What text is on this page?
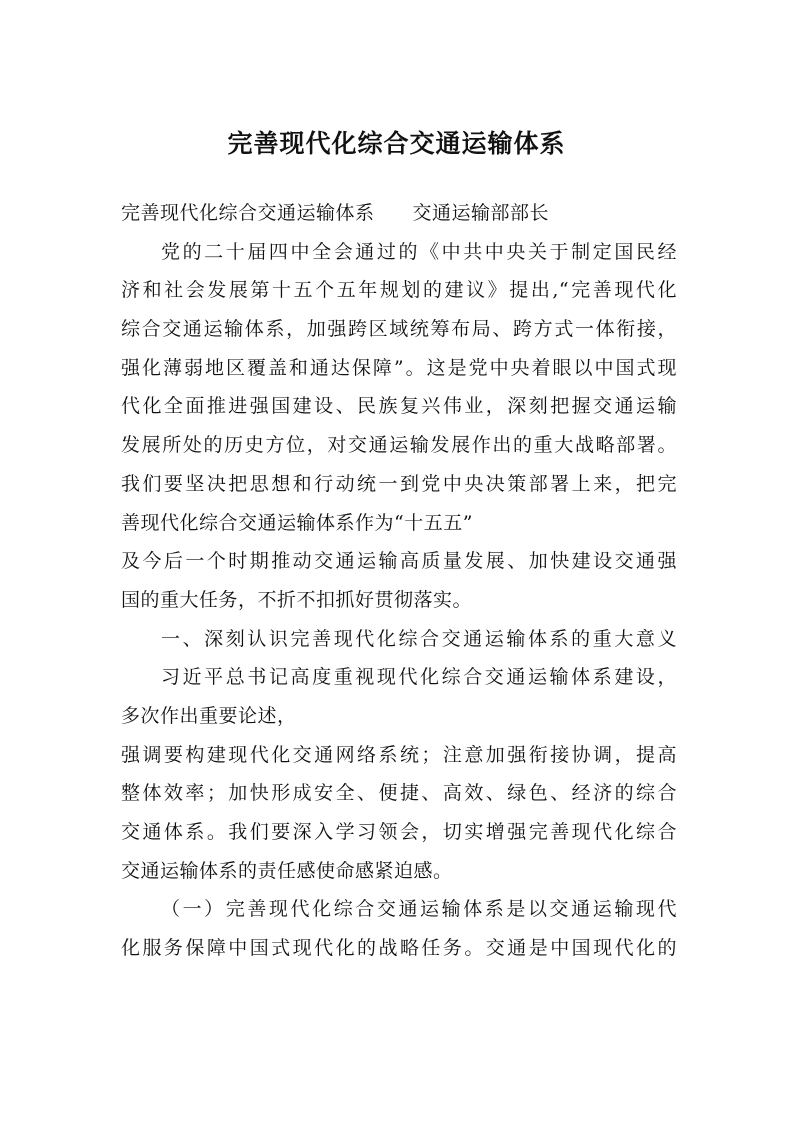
完善现代化综合交通运输体系
完善现代化综合交通运输体系 交通运输部部长
党的二十届四中全会通过的《中共中央关于制定国民经
济和社会发展第十五个五年规划的建议》提出,“完善现代化
综合交通运输体系，加强跨区域统筹布局、跨方式一体衔接，
强化薄弱地区覆盖和通达保障”。这是党中央着眼以中国式现
代化全面推进强国建设、民族复兴伟业，深刻把握交通运输
发展所处的历史方位，对交通运输发展作出的重大战略部署。
我们要坚决把思想和行动统一到党中央决策部署上来，把完
善现代化综合交通运输体系作为“十五五”
及今后一个时期推动交通运输高质量发展、加快建设交通强
国的重大任务，不折不扣抓好贯彻落实。
一、深刻认识完善现代化综合交通运输体系的重大意义
习近平总书记高度重视现代化综合交通运输体系建设，
多次作出重要论述，
强调要构建现代化交通网络系统；注意加强衔接协调，提高
整体效率；加快形成安全、便捷、高效、绿色、经济的综合
交通体系。我们要深入学习领会，切实增强完善现代化综合
交通运输体系的责任感使命感紧迫感。
（一）完善现代化综合交通运输体系是以交通运输现代
化服务保障中国式现代化的战略任务。交通是中国现代化的
